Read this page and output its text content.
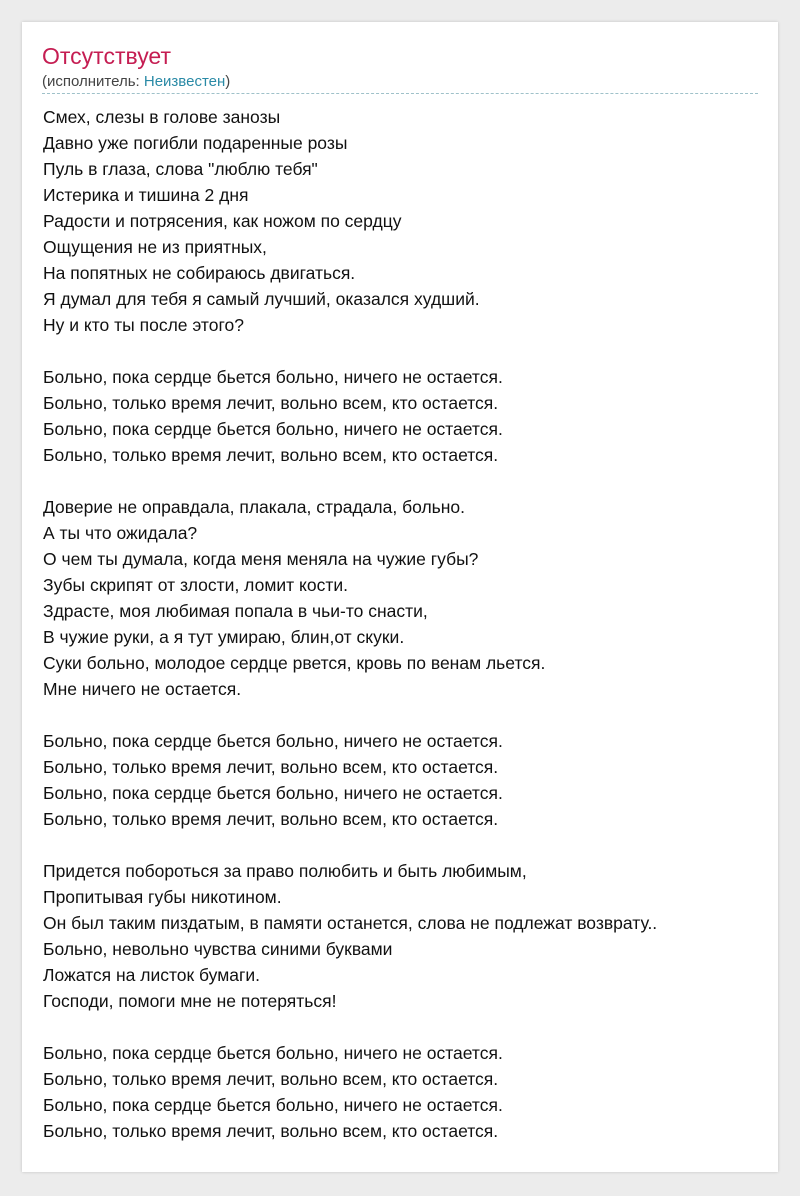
Отсутствует
(исполнитель: Неизвестен)
Смех, слезы в голове занозы
Давно уже погибли подаренные розы
Пуль в глаза, слова "люблю тебя"
Истерика и тишина 2 дня
Радости и потрясения, как ножом по сердцу
Ощущения не из приятных,
На попятных не собираюсь двигаться.
Я думал для тебя я самый лучший, оказался худший.
Ну и кто ты после этого?
Больно, пока сердце бьется больно, ничего не остается.
Больно, только время лечит, вольно всем, кто остается.
Больно, пока сердце бьется больно, ничего не остается.
Больно, только время лечит, вольно всем, кто остается.
Доверие не оправдала, плакала, страдала, больно.
А ты что ожидала?
О чем ты думала, когда меня меняла на чужие губы?
Зубы скрипят от злости, ломит кости.
Здрасте, моя любимая попала в чьи-то снасти,
В чужие руки, а я тут умираю, блин,от скуки.
Суки больно, молодое сердце рвется, кровь по венам льется.
Мне ничего не остается.
Больно, пока сердце бьется больно, ничего не остается.
Больно, только время лечит, вольно всем, кто остается.
Больно, пока сердце бьется больно, ничего не остается.
Больно, только время лечит, вольно всем, кто остается.
Придется побороться за право полюбить и быть любимым,
Пропитывая губы никотином.
Он был таким пиздатым, в памяти останется, слова не подлежат возврату..
Больно, невольно чувства синими буквами
Ложатся на листок бумаги.
Господи, помоги мне не потеряться!
Больно, пока сердце бьется больно, ничего не остается.
Больно, только время лечит, вольно всем, кто остается.
Больно, пока сердце бьется больно, ничего не остается.
Больно, только время лечит, вольно всем, кто остается.
